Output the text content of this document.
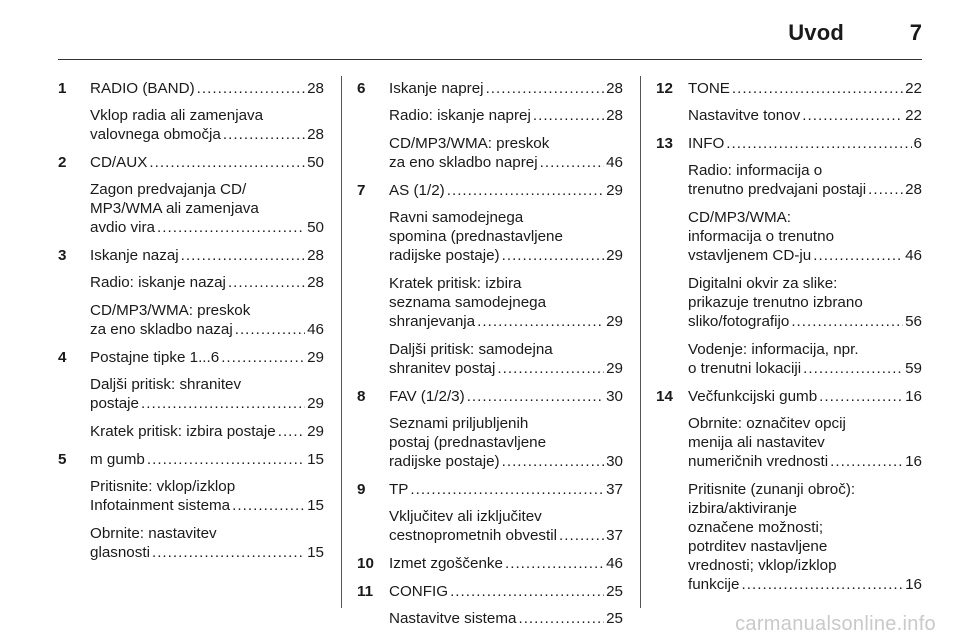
Uvod	7
1 RADIO (BAND) . . .	28
Vklop radia ali zamenjava
valovnega območja . . .	28
2 CD/AUX . . .	50
Zagon predvajanja CD/
MP3/WMA ali zamenjava
avdio vira . . .	50
3 Iskanje nazaj . . .	28
Radio: iskanje nazaj . . .	28
CD/MP3/WMA: preskok
za eno skladbo nazaj . . .	46
4 Postajne tipke 1...6 . . .	29
Daljši pritisk: shranitev
postaje . . .	29
Kratek pritisk: izbira postaje . . . 29
5 m gumb . . .	15
Pritisnite: vklop/izklop
Infotainment sistema . . .	15
Obrnite: nastavitev
glasnosti . . .	15
6 Iskanje naprej . . .	28
Radio: iskanje naprej . . .	28
CD/MP3/WMA: preskok
za eno skladbo naprej . . .	46
7 AS (1/2) . . .	29
Ravni samodejnega
spomina (prednastavljene
radijske postaje) . . .	29
Kratek pritisk: izbira
seznama samodejnega
shranjevanja . . .	29
Daljši pritisk: samodejna
shranitev postaj . . .	29
8 FAV (1/2/3) . . .	30
Seznami priljubljenih
postaj (prednastavljene
radijske postaje) . . .	30
9 TP . . .	37
Vključitev ali izključitev
cestnoprometnih obvestil . . .	37
10 Izmet zgoščenke . . .	46
11 CONFIG . . .	25
Nastavitve sistema . . .	25
12 TONE . . .	22
Nastavitve tonov . . .	22
13 INFO . . .	6
Radio: informacija o
trenutno predvajani postaji . . .	28
CD/MP3/WMA:
informacija o trenutno
vstavljenem CD-ju . . .	46
Digitalni okvir za slike:
prikazuje trenutno izbrano
sliko/fotografijo . . .	56
Vodenje: informacija, npr.
o trenutni lokaciji . . .	59
14 Večfunkcijski gumb . . .	16
Obrnite: označitev opcij
menija ali nastavitev
numeričnih vrednosti . . .	16
Pritisnite (zunanji obroč):
izbira/aktiviranje
označene možnosti;
potrditev nastavljene
vrednosti; vklop/izklop
funkcije . . .	16
carmanualsonline.info
